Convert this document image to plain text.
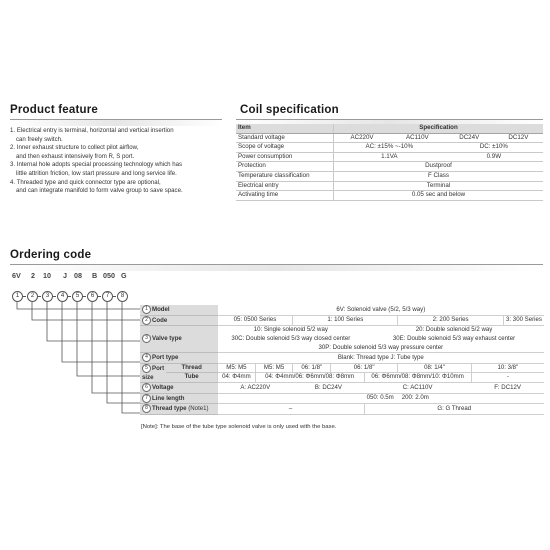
Product feature
1. Electrical entry is terminal, horizontal and vertical insertion
can freely switch.
2. Inner exhaust structure to collect pilot airflow,
and then exhaust intensively from R, S port.
3. Internal hole adopts special processing technology which has
little attrition friction, low start pressure and long service life.
4. Threaded type and quick connector type are optional,
and can integrate manifold to form valve group to save space.
Coil specification
Item	Specification			
Standard voltage	AC220V	AC110V	DC24V	DC12V
Scope of voltage	AC: ±15% ~-10%		DC: ±10%	
Power consumption	1.1VA		0.9W	
Protection	Dustproof			
Temperature classification	F Class			
Electrical entry	Terminal			
Activating time	0.05 sec and below			
Ordering code
6V 2 10 J 08 B 050 G
1	2	3	4	5	6	7	8
1 Model		6V: Solenoid valve (5/2, 5/3 way)							
2 Code		05: 0500 Series		1: 100 Series			2: 200 Series		3: 300 Series
3 Valve type		10: Single solenoid 5/2 way				20: Double solenoid 5/2 way			
		30C: Double solenoid 5/3 way closed center				30E: Double solenoid 5/3 way exhaust center			
		30P: Double solenoid 5/3 way pressure center							
4 Port type		Blank: Thread type J: Tube type							
5 Port
size	Thread	M5: M5	M5: M5	06: 1/8"	06: 1/8"		08: 1/4"	10: 3/8"	
	Tube	04: Φ4mm	04: Φ4mm/06: Φ6mm/08: Φ8mm			06: Φ6mm/08: Φ8mm/10: Φ10mm		-	
6 Voltage		A: AC220V		B: DC24V		C: AC110V		F: DC12V	
7 Line length		050: 0.5m					200: 2.0m		
8 Thread type (Note1)		–				G: G Thread			
[Note]: The base of the tube type solenoid valve is only used with the base.
